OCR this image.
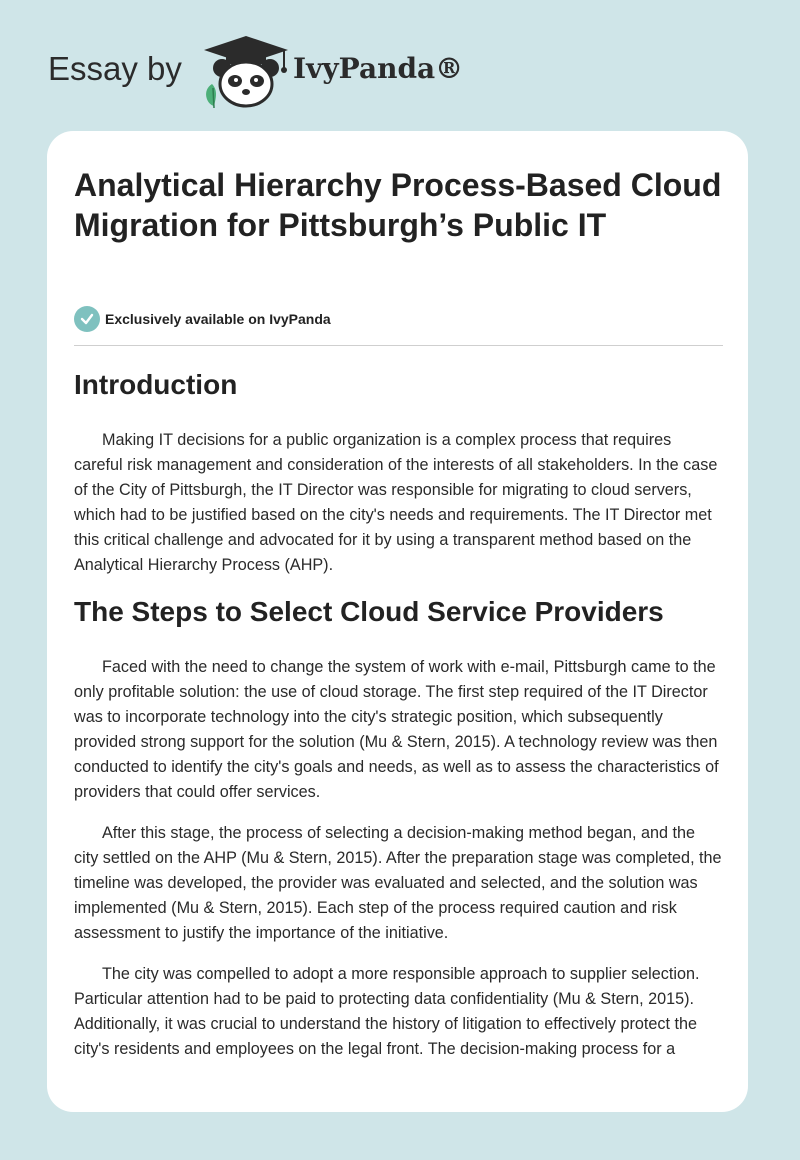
Essay by	IvyPanda®
Analytical Hierarchy Process-Based Cloud Migration for Pittsburgh’s Public IT
Exclusively available on IvyPanda
Introduction

Making IT decisions for a public organization is a complex process that requires careful risk management and consideration of the interests of all stakeholders. In the case of the City of Pittsburgh, the IT Director was responsible for migrating to cloud servers, which had to be justified based on the city's needs and requirements. The IT Director met this critical challenge and advocated for it by using a transparent method based on the Analytical Hierarchy Process (AHP).

The Steps to Select Cloud Service Providers

Faced with the need to change the system of work with e-mail, Pittsburgh came to the only profitable solution: the use of cloud storage. The first step required of the IT Director was to incorporate technology into the city's strategic position, which subsequently provided strong support for the solution (Mu & Stern, 2015). A technology review was then conducted to identify the city's goals and needs, as well as to assess the characteristics of providers that could offer services.

After this stage, the process of selecting a decision-making method began, and the city settled on the AHP (Mu & Stern, 2015). After the preparation stage was completed, the timeline was developed, the provider was evaluated and selected, and the solution was implemented (Mu & Stern, 2015). Each step of the process required caution and risk assessment to justify the importance of the initiative.

The city was compelled to adopt a more responsible approach to supplier selection. Particular attention had to be paid to protecting data confidentiality (Mu & Stern, 2015). Additionally, it was crucial to understand the history of litigation to effectively protect the city's residents and employees on the legal front. The decision-making process for a
